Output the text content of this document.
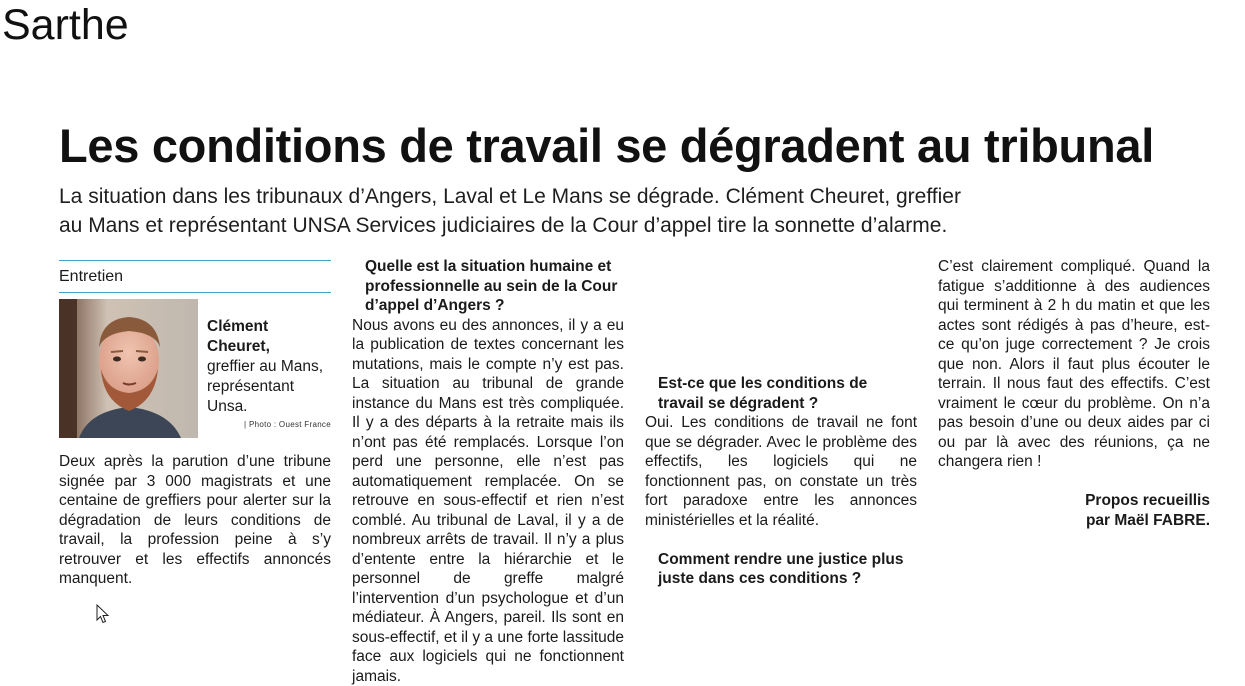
Sarthe
Les conditions de travail se dégradent au tribunal
La situation dans les tribunaux d’Angers, Laval et Le Mans se dégrade. Clément Cheuret, greffier
au Mans et représentant UNSA Services judiciaires de la Cour d’appel tire la sonnette d’alarme.
Entretien
Clément Cheuret,
greffier au Mans, représentant Unsa.
| Photo : Ouest France
Deux après la parution d’une tribune signée par 3 000 magistrats et une centaine de greffiers pour alerter sur la dégradation de leurs conditions de travail, la profession peine à s’y retrouver et les effectifs annoncés manquent.

Quelle est la situation humaine et professionnelle au sein de la Cour d’appel d’Angers ?

Nous avons eu des annonces, il y a eu la publication de textes concernant les mutations, mais le compte n’y est pas. La situation au tribunal de grande instance du Mans est très compliquée. Il y a des départs à la retraite mais ils n’ont pas été remplacés. Lorsque l’on perd une personne, elle n’est pas automatiquement remplacée. On se retrouve en sous-effectif et rien n’est comblé. Au tribunal de Laval, il y a de nombreux arrêts de travail. Il n’y a plus d’entente entre la hiérarchie et le personnel de greffe malgré l’intervention d’un psychologue et d’un médiateur. À Angers, pareil. Ils sont en sous-effectif, et il y a une forte lassitude face aux logiciels qui ne fonctionnent jamais.

Est-ce que les conditions de travail se dégradent ?

Oui. Les conditions de travail ne font que se dégrader. Avec le problème des effectifs, les logiciels qui ne fonctionnent pas, on constate un très fort paradoxe entre les annonces ministérielles et la réalité.

Comment rendre une justice plus juste dans ces conditions ?

C’est clairement compliqué. Quand la fatigue s’additionne à des audiences qui terminent à 2 h du matin et que les actes sont rédigés à pas d’heure, est-ce qu’on juge correctement ? Je crois que non. Alors il faut plus écouter le terrain. Il nous faut des effectifs. C’est vraiment le cœur du problème. On n’a pas besoin d’une ou deux aides par ci ou par là avec des réunions, ça ne changera rien !

Propos recueillis

par Maël FABRE.
